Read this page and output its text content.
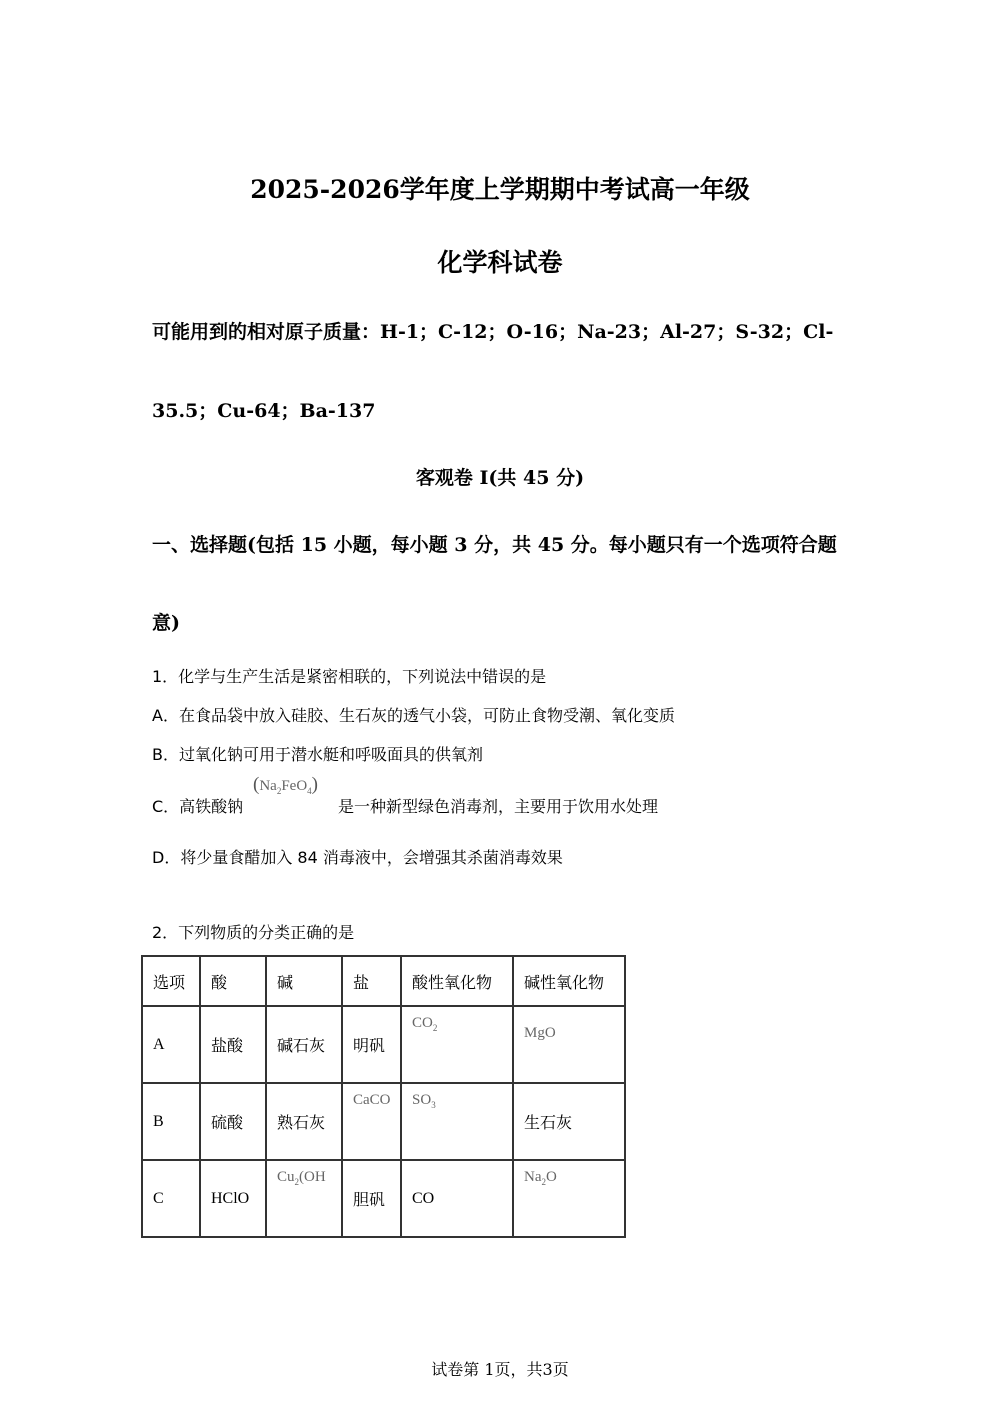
2025-2026学年度上学期期中考试高一年级
化学科试卷
可能用到的相对原子质量：H-1；C-12；O-16；Na-23；Al-27；S-32；Cl-
35.5；Cu-64；Ba-137
客观卷 I(共 45 分)
一、选择题(包括 15 小题，每小题 3 分，共 45 分。每小题只有一个选项符合题
意)
1．化学与生产生活是紧密相联的，下列说法中错误的是
A．在食品袋中放入硅胶、生石灰的透气小袋，可防止食物受潮、氧化变质
B．过氧化钠可用于潜水艇和呼吸面具的供氧剂
C．高铁酸钠
$(Na_2FeO_4)$
是一种新型绿色消毒剂，主要用于饮用水处理
D．将少量食醋加入 84 消毒液中，会增强其杀菌消毒效果
2．下列物质的分类正确的是
选项	酸	碱	盐	酸性氧化物	碱性氧化物
A	盐酸	碱石灰	明矾	$CO_2$	MgO

B	硫酸	熟石灰	CaCO	$SO_3$	生石灰
C	HClO	$Cu_2(OH$	胆矾	CO	$Na_2O$
试卷第 1页，共3页
